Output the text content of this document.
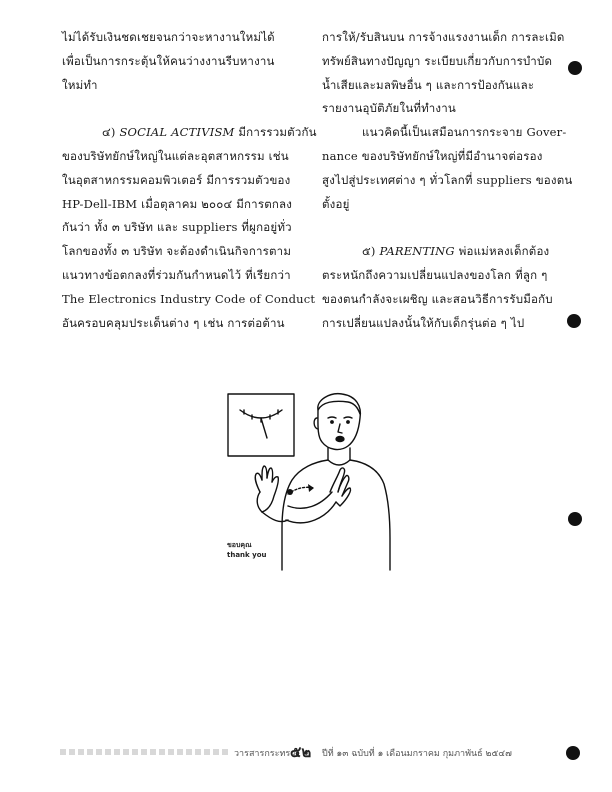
ไม่ได้รับเงินชดเชยจนกว่าจะหางานใหม่ได้
เพื่อเป็นการกระตุ้นให้คนว่างงานรีบหางาน
ใหม่ทำ
๔) SOCIAL ACTIVISM มีการรวมตัวกัน
ของบริษัทยักษ์ใหญ่ในแต่ละอุตสาหกรรม เช่น
ในอุตสาหกรรมคอมพิวเตอร์ มีการรวมตัวของ
HP-Dell-IBM เมื่อตุลาคม ๒๐๐๔ มีการตกลง
กันว่า ทั้ง ๓ บริษัท และ suppliers ที่ผูกอยู่ทั่ว
โลกของทั้ง ๓ บริษัท จะต้องดำเนินกิจการตาม
แนวทางข้อตกลงที่ร่วมกันกำหนดไว้ ที่เรียกว่า
The Electronics Industry Code of Conduct
อันครอบคลุมประเด็นต่าง ๆ เช่น การต่อต้าน
การให้/รับสินบน การจ้างแรงงานเด็ก การละเมิด
ทรัพย์สินทางปัญญา ระเบียบเกี่ยวกับการบำบัด
น้ำเสียและมลพิษอื่น ๆ และการป้องกันและ
รายงานอุบัติภัยในที่ทำงาน
แนวคิดนี้เป็นเสมือนการกระจาย Gover-
nance ของบริษัทยักษ์ใหญ่ที่มีอำนาจต่อรอง
สูงไปสู่ประเทศต่าง ๆ ทั่วโลกที่ suppliers ของตน
ตั้งอยู่
๕) PARENTING พ่อแม่หลงเด็กต้อง
ตระหนักถึงความเปลี่ยนแปลงของโลก ที่ลูก ๆ
ของตนกำลังจะเผชิญ และสอนวิธีการรับมือกับ
การเปลี่ยนแปลงนั้นให้กับเด็กรุ่นต่อ ๆ ไป
ขอบคุณ
thank you
วารสารกระทรวง
๕๒ ปีที่ ๑๓ ฉบับที่ ๑ เดือนมกราคม กุมภาพันธ์ ๒๕๔๗
